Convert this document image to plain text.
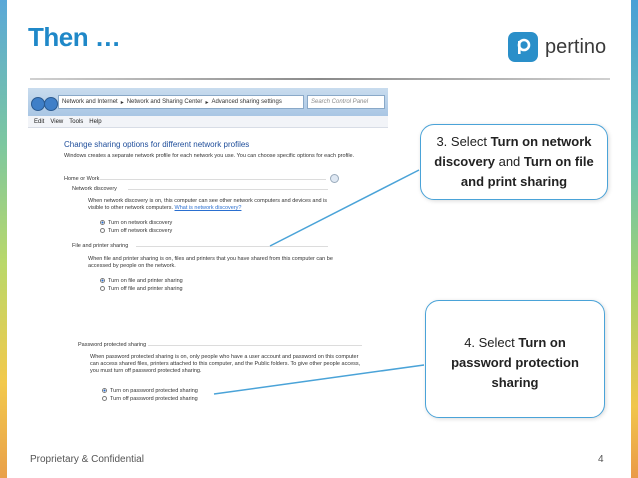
Then …	pertino
Network and Internet ▸ Network and Sharing Center ▸ Advanced sharing settings	Search Control Panel
Edit View Tools Help
Change sharing options for different network profiles
Windows creates a separate network profile for each network you use. You can choose specific options for each profile.
Home or Work
Network discovery
When network discovery is on, this computer can see other network computers and devices and is visible to other network computers. What is network discovery?
Turn on network discovery
Turn off network discovery
File and printer sharing
When file and printer sharing is on, files and printers that you have shared from this computer can be accessed by people on the network.
Turn on file and printer sharing
Turn off file and printer sharing
Password protected sharing
When password protected sharing is on, only people who have a user account and password on this computer can access shared files, printers attached to this computer, and the Public folders. To give other people access, you must turn off password protected sharing.
Turn on password protected sharing
Turn off password protected sharing
3. Select Turn on network discovery and Turn on file and print sharing
4. Select Turn on password protection sharing
Proprietary & Confidential	4
